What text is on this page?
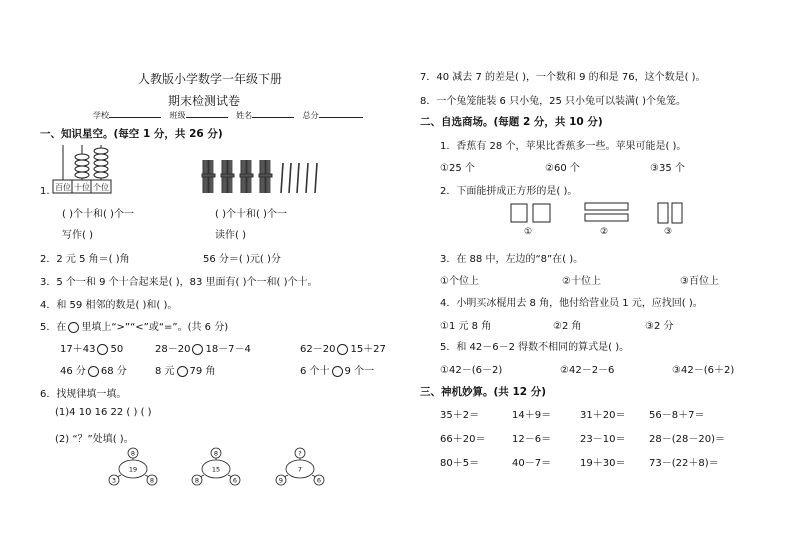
人教版小学数学一年级下册
期末检测试卷
学校	班级	姓名	总分
一、知识星空。(每空 1 分，共 26 分)
1. 百位 十位 个位
( )个十和( )个一	( )个十和( )个一
写作( )	读作( )
2．2 元 5 角＝( )角	56 分＝( )元( )分
3．5 个一和 9 个十合起来是( )，83 里面有( )个一和( )个十。
4．和 59 相邻的数是( )和( )。
5．在 里填上“>”“<”或“=”。(共 6 分)
17＋43 50	28－20 18－7－4	62－20 15＋27
46 分 68 分	8 元 79 角	6 个十 9 个一
6．找规律填一填。
(1)4 10 16 22 ( ) ( )
(2) “？”处填( )。
8
19
3	8
8
15
8	6
?
7
9	6
7．40 减去 7 的差是( )，一个数和 9 的和是 76，这个数是( )。
8．一个兔笼能装 6 只小兔，25 只小兔可以装满( )个兔笼。
二、自选商场。(每题 2 分，共 10 分)
1．香蕉有 28 个，苹果比香蕉多一些。苹果可能是( )。
①25 个	②60 个	③35 个
2．下面能拼成正方形的是( )。
①	②	③
3．在 88 中，左边的“8”在( )。
①个位上	②十位上	③百位上
4．小明买冰棍用去 8 角，他付给营业员 1 元，应找回( )。
①1 元 8 角	②2 角	③2 分
5．和 42－6－2 得数不相同的算式是( )。
①42－(6－2)	②42－2－6	③42－(6＋2)
三、神机妙算。(共 12 分)
35＋2＝	14＋9＝	31＋20＝ 56－8＋7＝
66＋20＝	12－6＝	23－10＝ 28－(28－20)＝
80＋5＝	40－7＝	19＋30＝ 73－(22＋8)＝
